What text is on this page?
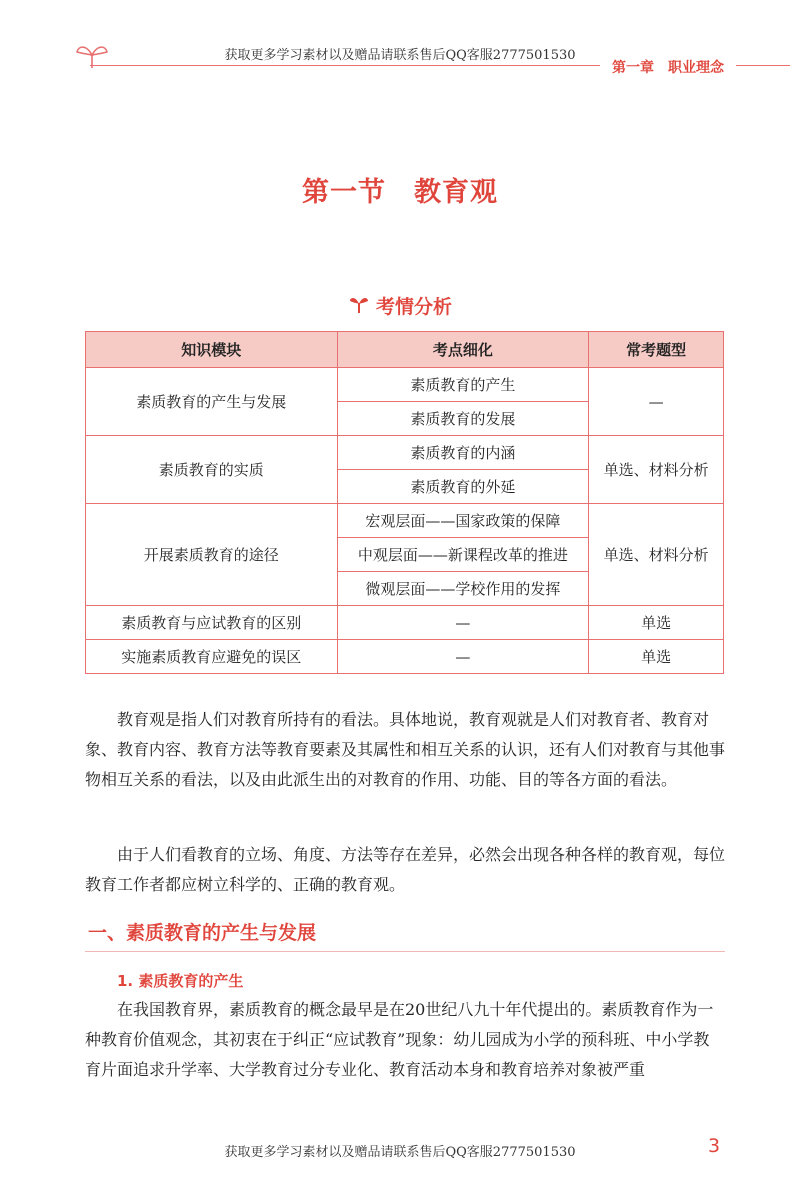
获取更多学习素材以及赠品请联系售后QQ客服2777501530
第一章　职业理念
第一节　教育观
考情分析
知识模块	考点细化	常考题型
素质教育的产生与发展	素质教育的产生	—
	素质教育的发展	
素质教育的实质	素质教育的内涵	单选、材料分析
	素质教育的外延	
开展素质教育的途径	宏观层面——国家政策的保障	单选、材料分析
	中观层面——新课程改革的推进	
	微观层面——学校作用的发挥	
素质教育与应试教育的区别	—	单选
实施素质教育应避免的误区	—	单选

教育观是指人们对教育所持有的看法。具体地说，教育观就是人们对教育者、教育对象、教育内容、教育方法等教育要素及其属性和相互关系的认识，还有人们对教育与其他事物相互关系的看法，以及由此派生出的对教育的作用、功能、目的等各方面的看法。

由于人们看教育的立场、角度、方法等存在差异，必然会出现各种各样的教育观，每位教育工作者都应树立科学的、正确的教育观。

一、素质教育的产生与发展
1. 素质教育的产生

在我国教育界，素质教育的概念最早是在20世纪八九十年代提出的。素质教育作为一种教育价值观念，其初衷在于纠正“应试教育”现象：幼儿园成为小学的预科班、中小学教育片面追求升学率、大学教育过分专业化、教育活动本身和教育培养对象被严重

获取更多学习素材以及赠品请联系售后QQ客服2777501530	3
